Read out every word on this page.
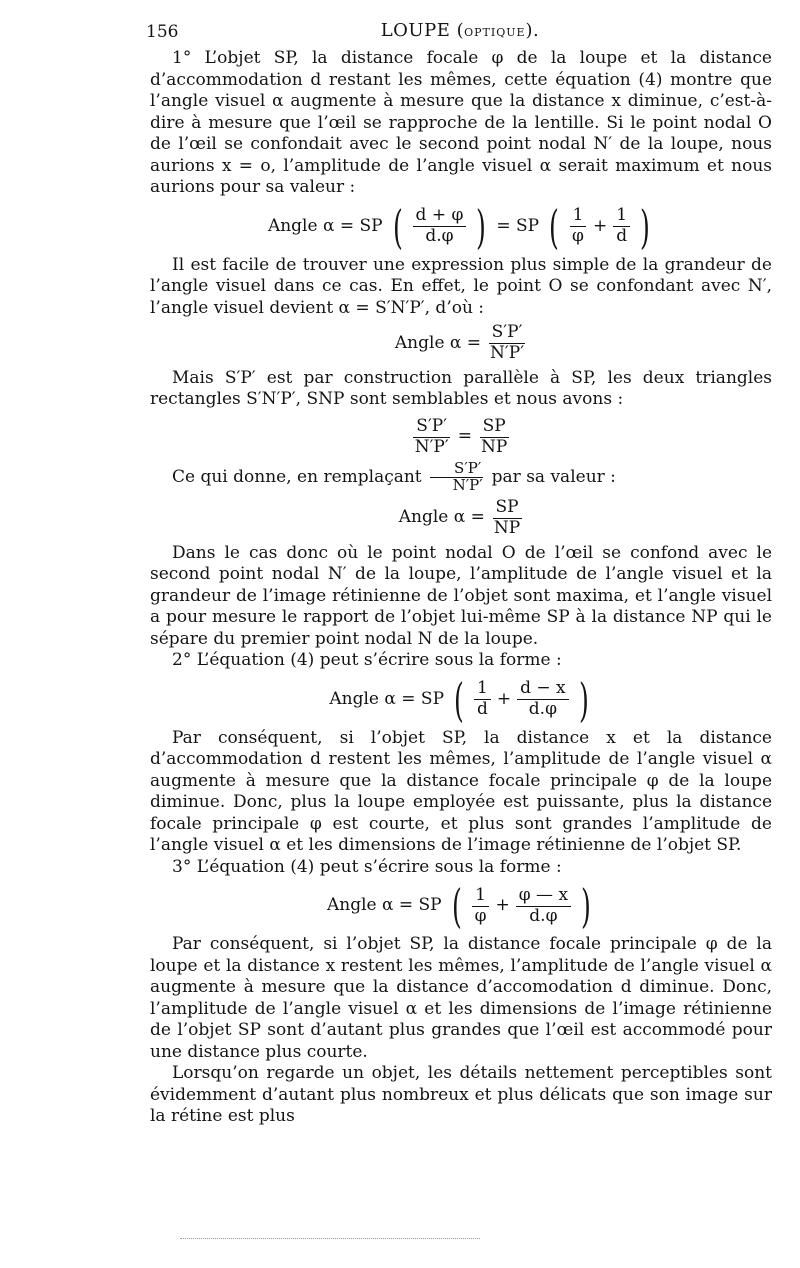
156	LOUPE (OPTIQUE).

1° L’objet SP, la distance focale φ de la loupe et la distance d’accommodation d restant les mêmes, cette équation (4) montre que l’angle visuel α augmente à mesure que la distance x diminue, c’est-à-dire à mesure que l’œil se rapproche de la lentille. Si le point nodal O de l’œil se confondait avec le second point nodal N′ de la loupe, nous aurions x = o, l’amplitude de l’angle visuel α serait maximum et nous aurions pour sa valeur :

Angle α = SP ( $\frac{d + \varphi}{d.\varphi}$ ) = SP ( $\frac{1}{\varphi} + \frac{1}{d}$ )

Il est facile de trouver une expression plus simple de la grandeur de l’angle visuel dans ce cas. En effet, le point O se confondant avec N′, l’angle visuel devient α = S′N′P′, d’où :

Angle $\alpha = \frac{S'P'}{N'P'}$

Mais S′P′ est par construction parallèle à SP, les deux triangles rectangles S′N′P′, SNP sont semblables et nous avons :

$\frac{S'P'}{N'P'} = \frac{SP}{NP}$

Ce qui donne, en remplaçant $\frac{S'P'}{N'P'}$ par sa valeur :

Angle $\alpha = \frac{SP}{NP}$

Dans le cas donc où le point nodal O de l’œil se confond avec le second point nodal N′ de la loupe, l’amplitude de l’angle visuel et la grandeur de l’image rétinienne de l’objet sont maxima, et l’angle visuel a pour mesure le rapport de l’objet lui-même SP à la distance NP qui le sépare du premier point nodal N de la loupe.

2° L’équation (4) peut s’écrire sous la forme :

Angle α = SP ( $\frac{1}{d} + \frac{d - x}{d.\varphi}$ )

Par conséquent, si l’objet SP, la distance x et la distance d’accommodation d restent les mêmes, l’amplitude de l’angle visuel α augmente à mesure que la distance focale principale φ de la loupe diminue. Donc, plus la loupe employée est puissante, plus la distance focale principale φ est courte, et plus sont grandes l’amplitude de l’angle visuel α et les dimensions de l’image rétinienne de l’objet SP.

3° L’équation (4) peut s’écrire sous la forme :

Angle α = SP ( $\frac{1}{\varphi} + \frac{\varphi — x}{d.\varphi}$ )

Par conséquent, si l’objet SP, la distance focale principale φ de la loupe et la distance x restent les mêmes, l’amplitude de l’angle visuel α augmente à mesure que la distance d’accomodation d diminue. Donc, l’amplitude de l’angle visuel α et les dimensions de l’image rétinienne de l’objet SP sont d’autant plus grandes que l’œil est accommodé pour une distance plus courte.

Lorsqu’on regarde un objet, les détails nettement perceptibles sont évidemment d’autant plus nombreux et plus délicats que son image sur la rétine est plus
